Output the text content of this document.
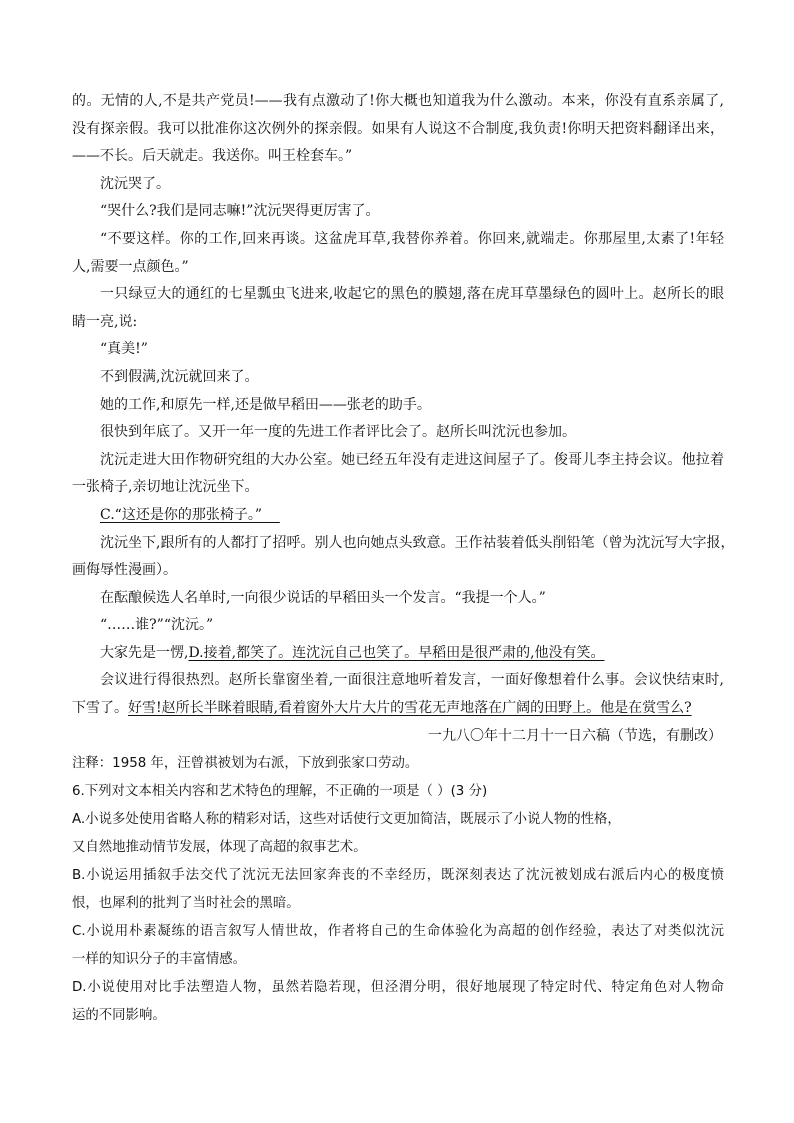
的。无情的人,不是共产党员!——我有点激动了!你大概也知道我为什么激动。本来，你没有直系亲属了,
没有探亲假。我可以批准你这次例外的探亲假。如果有人说这不合制度,我负责!你明天把资料翻译出来，
——不长。后天就走。我送你。叫王栓套车。”
沈沅哭了。
“哭什么?我们是同志嘛!”沈沅哭得更厉害了。
“不要这样。你的工作,回来再谈。这盆虎耳草,我替你养着。你回来,就端走。你那屋里,太素了!年轻
人,需要一点颜色。”
一只绿豆大的通红的七星瓢虫飞进来,收起它的黑色的膜翅,落在虎耳草墨绿色的圆叶上。赵所长的眼
睛一亮,说:
“真美!”
不到假满,沈沅就回来了。
她的工作,和原先一样,还是做早稻田——张老的助手。
很快到年底了。又开一年一度的先进工作者评比会了。赵所长叫沈沅也参加。
沈沅走进大田作物研究组的大办公室。她已经五年没有走进这间屋子了。俊哥儿李主持会议。他拉着
一张椅子,亲切地让沈沅坐下。
C.“这还是你的那张椅子。”
沈沅坐下,跟所有的人都打了招呼。别人也向她点头致意。王作祜装着低头削铅笔（曾为沈沅写大字报，
画侮辱性漫画）。
在酝酿候选人名单时,一向很少说话的早稻田头一个发言。“我提一个人。”
“……谁?”“沈沅。”
大家先是一愣,D.接着,都笑了。连沈沅自己也笑了。早稻田是很严肃的,他没有笑。
会议进行得很热烈。赵所长靠窗坐着,一面很注意地听着发言，一面好像想着什么事。会议快结束时,
下雪了。好雪!赵所长半眯着眼睛,看着窗外大片大片的雪花无声地落在广阔的田野上。他是在赏雪么?
一九八〇年十二月十一日六稿（节选，有删改）
注释：1958 年，汪曾祺被划为右派，下放到张家口劳动。
6.下列对文本相关内容和艺术特色的理解，不正确的一项是（ ）(3 分)
A.小说多处使用省略人称的精彩对话，这些对话使行文更加简洁，既展示了小说人物的性格，
又自然地推动情节发展，体现了高超的叙事艺术。
B.小说运用插叙手法交代了沈沅无法回家奔丧的不幸经历，既深刻表达了沈沅被划成右派后内心的极度愤
恨，也犀利的批判了当时社会的黑暗。
C.小说用朴素凝练的语言叙写人情世故，作者将自己的生命体验化为高超的创作经验，表达了对类似沈沅
一样的知识分子的丰富情感。
D.小说使用对比手法塑造人物，虽然若隐若现，但泾渭分明，很好地展现了特定时代、特定角色对人物命
运的不同影响。
